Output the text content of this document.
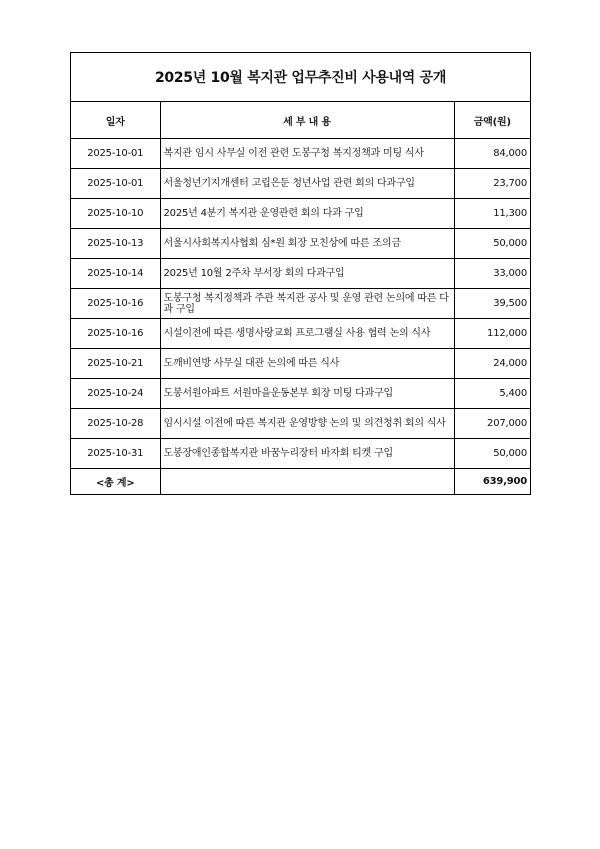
2025년 10월 복지관 업무추진비 사용내역 공개
일자	세 부 내 용	금액(원)
2025-10-01	복지관 임시 사무실 이전 관련 도봉구청 복지정책과 미팅 식사	84,000
2025-10-01	서울청년기지개센터 고립은둔 청년사업 관련 회의 다과구입	23,700
2025-10-10	2025년 4분기 복지관 운영관련 회의 다과 구입	11,300
2025-10-13	서울시사회복지사협회 심*원 회장 모친상에 따른 조의금	50,000
2025-10-14	2025년 10월 2주차 부서장 회의 다과구입	33,000
2025-10-16	도봉구청 복지정책과 주관 복지관 공사 및 운영 관련 논의에 따른 다과 구입	39,500
2025-10-16	시설이전에 따른 생명사랑교회 프로그램실 사용 협력 논의 식사	112,000
2025-10-21	도깨비연방 사무실 대관 논의에 따른 식사	24,000
2025-10-24	도봉서원아파트 서원마을운동본부 회장 미팅 다과구입	5,400
2025-10-28	임시시설 이전에 따른 복지관 운영방향 논의 및 의견청취 회의 식사	207,000
2025-10-31	도봉장애인종합복지관 바꿈누리장터 바자회 티켓 구입	50,000
<총 계>		639,900
